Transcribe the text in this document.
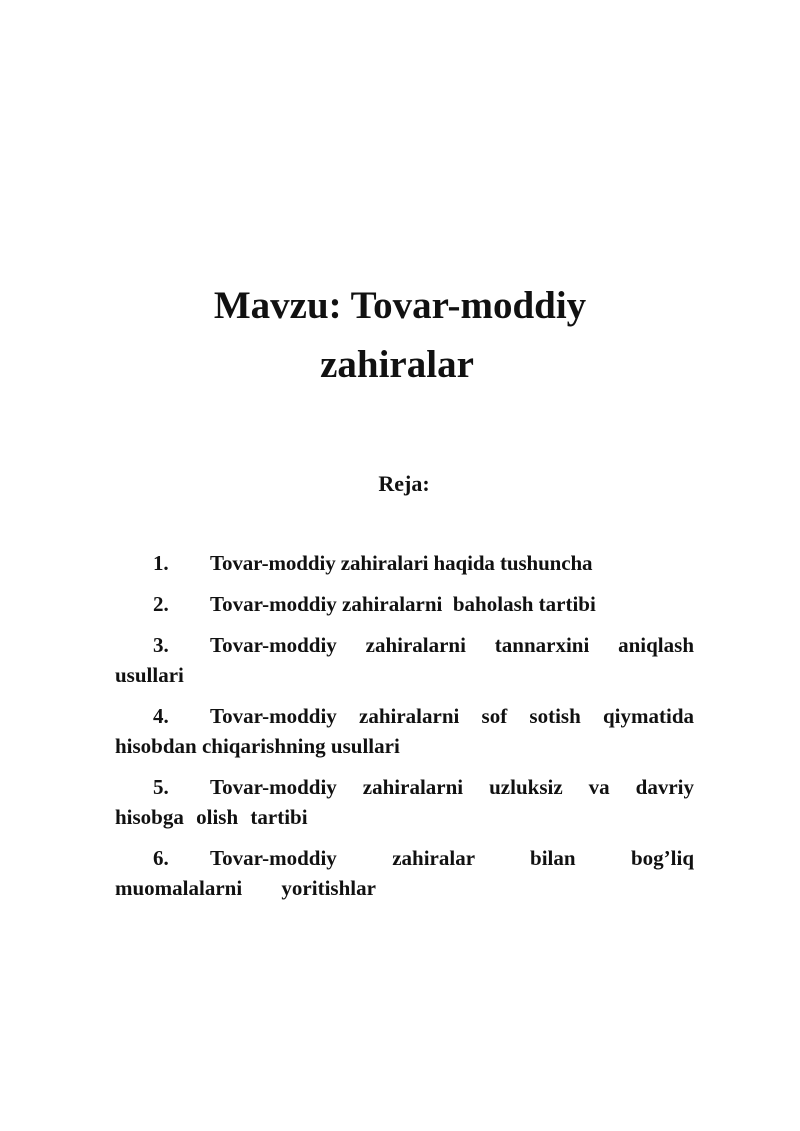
Mavzu: Tovar-moddiy
zahiralar
Reja:
1. Tovar-moddiy zahiralari haqida tushuncha
2. Tovar-moddiy zahiralarni  baholash tartibi
3. Tovar-moddiy zahiralarni tannarxini aniqlash usullari
4. Tovar-moddiy zahiralarni sof sotish qiymatida hisobdan chiqarishning usullari
5. Tovar-moddiy zahiralarni uzluksiz va davriy hisobga olish tartibi
6. Tovar-moddiy zahiralar bilan bog’liq muomalalarni yoritishlar
